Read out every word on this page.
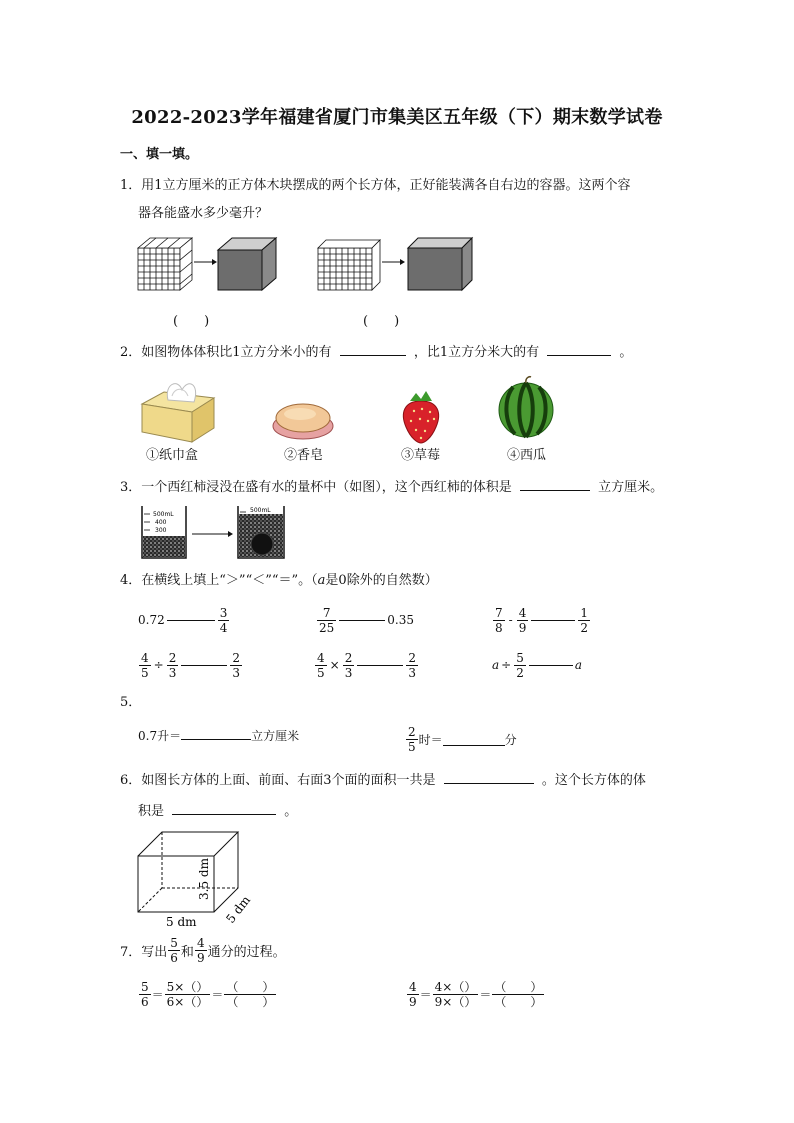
2022-2023学年福建省厦门市集美区五年级（下）期末数学试卷
一、填一填。
1．用1立方厘米的正方体木块摆成的两个长方体，正好能装满各自右边的容器。这两个容
器各能盛水多少毫升？
(　　)	(　　)
2．如图物体体积比1立方分米小的有	，比1立方分米大的有	。
①纸巾盒	②香皂	③草莓	④西瓜
3．一个西红柿浸没在盛有水的量杯中（如图），这个西红柿的体积是	立方厘米。
500mL
400
300
500mL
4．在横线上填上“＞”“＜”“＝”。（a是0除外的自然数）
0.72	$\frac{3}{4}$	$\frac{7}{25}$	0.35	$\frac{7}{8} - \frac{4}{9}$	$\frac{1}{2}$
$\frac{4}{5} \div \frac{2}{3}$	$\frac{2}{3}$	$\frac{4}{5} \times \frac{2}{3}$	$\frac{2}{3}$	$a \div \frac{5}{2}$	a
5．
0.7升＝	立方厘米	$\frac{2}{5}$ 时＝	分
6．如图长方体的上面、前面、右面3个面的面积一共是	。这个长方体的体
积是	。
5 dm
3.5 dm
5 dm
7．写出 $\frac{5}{6}$ 和 $\frac{4}{9}$ 通分的过程。
$\frac{5}{6} = \frac{5\times()}{6\times()} = \frac{( )}{( )}$	$\frac{4}{9} = \frac{4\times()}{9\times()} = \frac{( )}{( )}$
